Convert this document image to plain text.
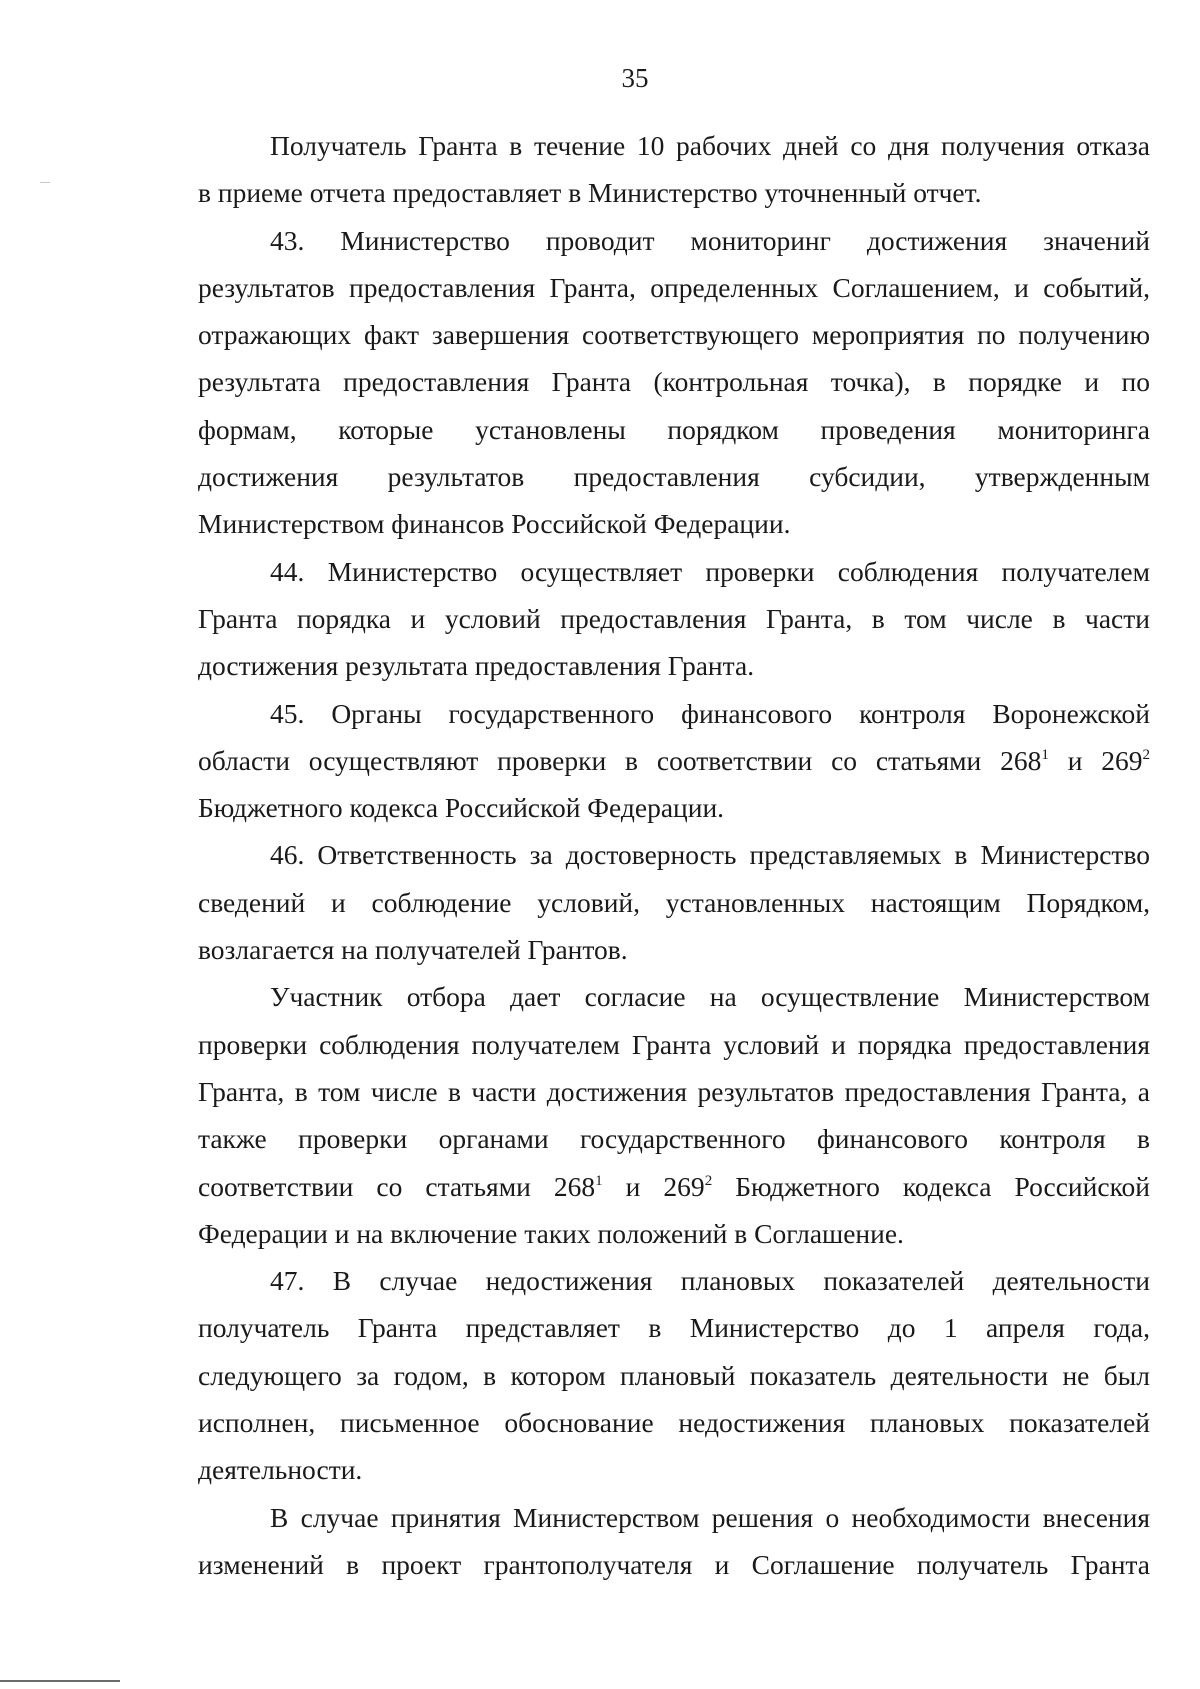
35

Получатель Гранта в течение 10 рабочих дней со дня получения отказа
в приеме отчета предоставляет в Министерство уточненный отчет.

43. Министерство проводит мониторинг достижения значений
результатов предоставления Гранта, определенных Соглашением, и событий,
отражающих факт завершения соответствующего мероприятия по получению
результата предоставления Гранта (контрольная точка), в порядке и по
формам, которые установлены порядком проведения мониторинга
достижения результатов предоставления субсидии, утвержденным
Министерством финансов Российской Федерации.

44. Министерство осуществляет проверки соблюдения получателем
Гранта порядка и условий предоставления Гранта, в том числе в части
достижения результата предоставления Гранта.

45. Органы государственного финансового контроля Воронежской
области осуществляют проверки в соответствии со статьями $268^1$ и $269^2$
Бюджетного кодекса Российской Федерации.

46. Ответственность за достоверность представляемых в Министерство
сведений и соблюдение условий, установленных настоящим Порядком,
возлагается на получателей Грантов.

Участник отбора дает согласие на осуществление Министерством
проверки соблюдения получателем Гранта условий и порядка предоставления
Гранта, в том числе в части достижения результатов предоставления Гранта, а
также проверки органами государственного финансового контроля в
соответствии со статьями $268^1$ и $269^2$ Бюджетного кодекса Российской
Федерации и на включение таких положений в Соглашение.

47. В случае недостижения плановых показателей деятельности
получатель Гранта представляет в Министерство до 1 апреля года,
следующего за годом, в котором плановый показатель деятельности не был
исполнен, письменное обоснование недостижения плановых показателей
деятельности.

В случае принятия Министерством решения о необходимости внесения
изменений в проект грантополучателя и Соглашение получатель Гранта
